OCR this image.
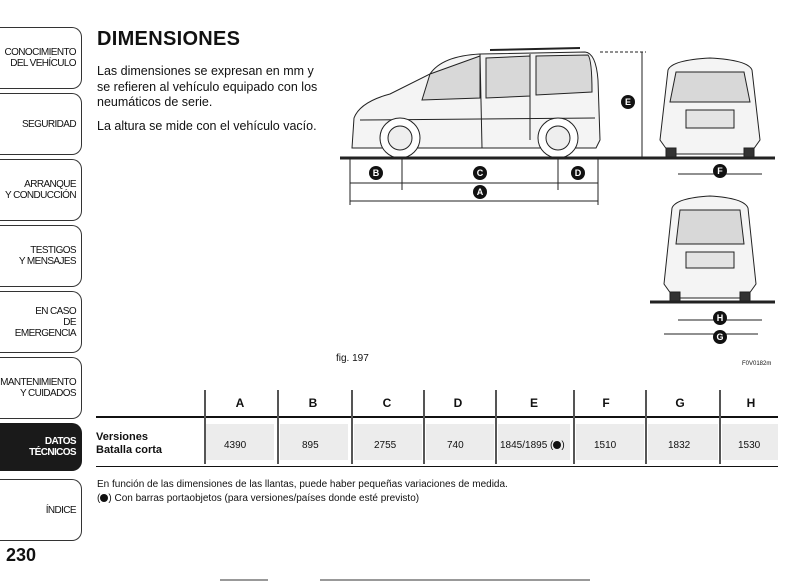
CONOCIMIENTO
DEL VEHÍCULO
SEGURIDAD
ARRANQUE
Y CONDUCCIÓN
TESTIGOS
Y MENSAJES
EN CASO
DE EMERGENCIA
MANTENIMIENTO
Y CUIDADOS
DATOS TÉCNICOS
ÍNDICE
230
DIMENSIONES

Las dimensiones se expresan en mm y se refieren al vehículo equipado con los neumáticos de serie.

La altura se mide con el vehículo vacío.

B	C	D
A
E
F
H
G
fig. 197	F0V0182m
A	B	C	D	E	F	G	H
Versiones
Batalla corta	4390	895	2755	740	1845/1895 ( )	1510	1832	1530

En función de las dimensiones de las llantas, puede haber pequeñas variaciones de medida.

( ) Con barras portaobjetos (para versiones/países donde esté previsto)
